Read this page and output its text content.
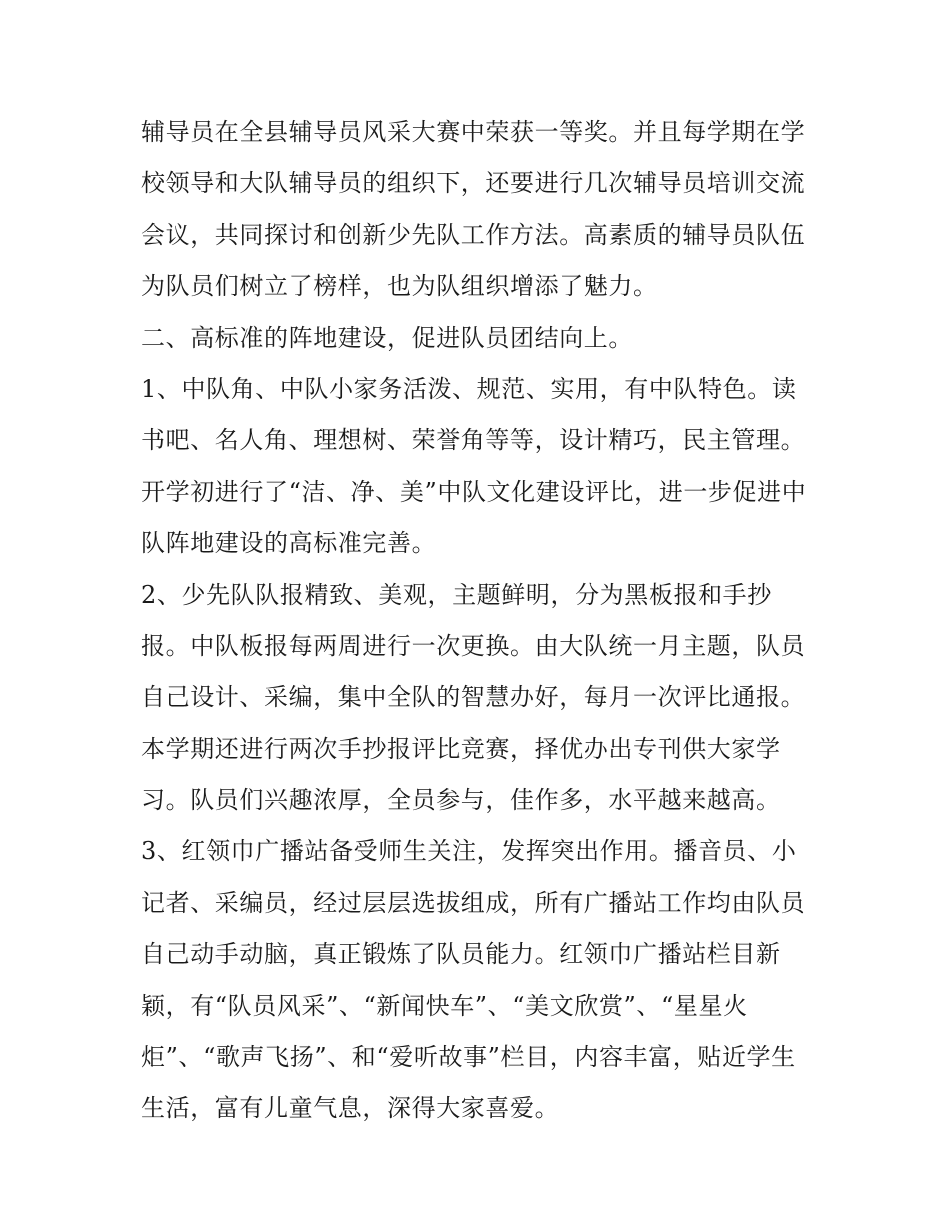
辅导员在全县辅导员风采大赛中荣获一等奖。并且每学期在学
校领导和大队辅导员的组织下，还要进行几次辅导员培训交流
会议，共同探讨和创新少先队工作方法。高素质的辅导员队伍
为队员们树立了榜样，也为队组织增添了魅力。
二、高标准的阵地建设，促进队员团结向上。
1、中队角、中队小家务活泼、规范、实用，有中队特色。读
书吧、名人角、理想树、荣誉角等等，设计精巧，民主管理。
开学初进行了“洁、净、美”中队文化建设评比，进一步促进中
队阵地建设的高标准完善。
2、少先队队报精致、美观，主题鲜明，分为黑板报和手抄
报。中队板报每两周进行一次更换。由大队统一月主题，队员
自己设计、采编，集中全队的智慧办好，每月一次评比通报。
本学期还进行两次手抄报评比竞赛，择优办出专刊供大家学
习。队员们兴趣浓厚，全员参与，佳作多，水平越来越高。
3、红领巾广播站备受师生关注，发挥突出作用。播音员、小
记者、采编员，经过层层选拔组成，所有广播站工作均由队员
自己动手动脑，真正锻炼了队员能力。红领巾广播站栏目新
颖，有“队员风采”、“新闻快车”、“美文欣赏”、“星星火
炬”、“歌声飞扬”、和“爱听故事”栏目，内容丰富，贴近学生
生活，富有儿童气息，深得大家喜爱。
